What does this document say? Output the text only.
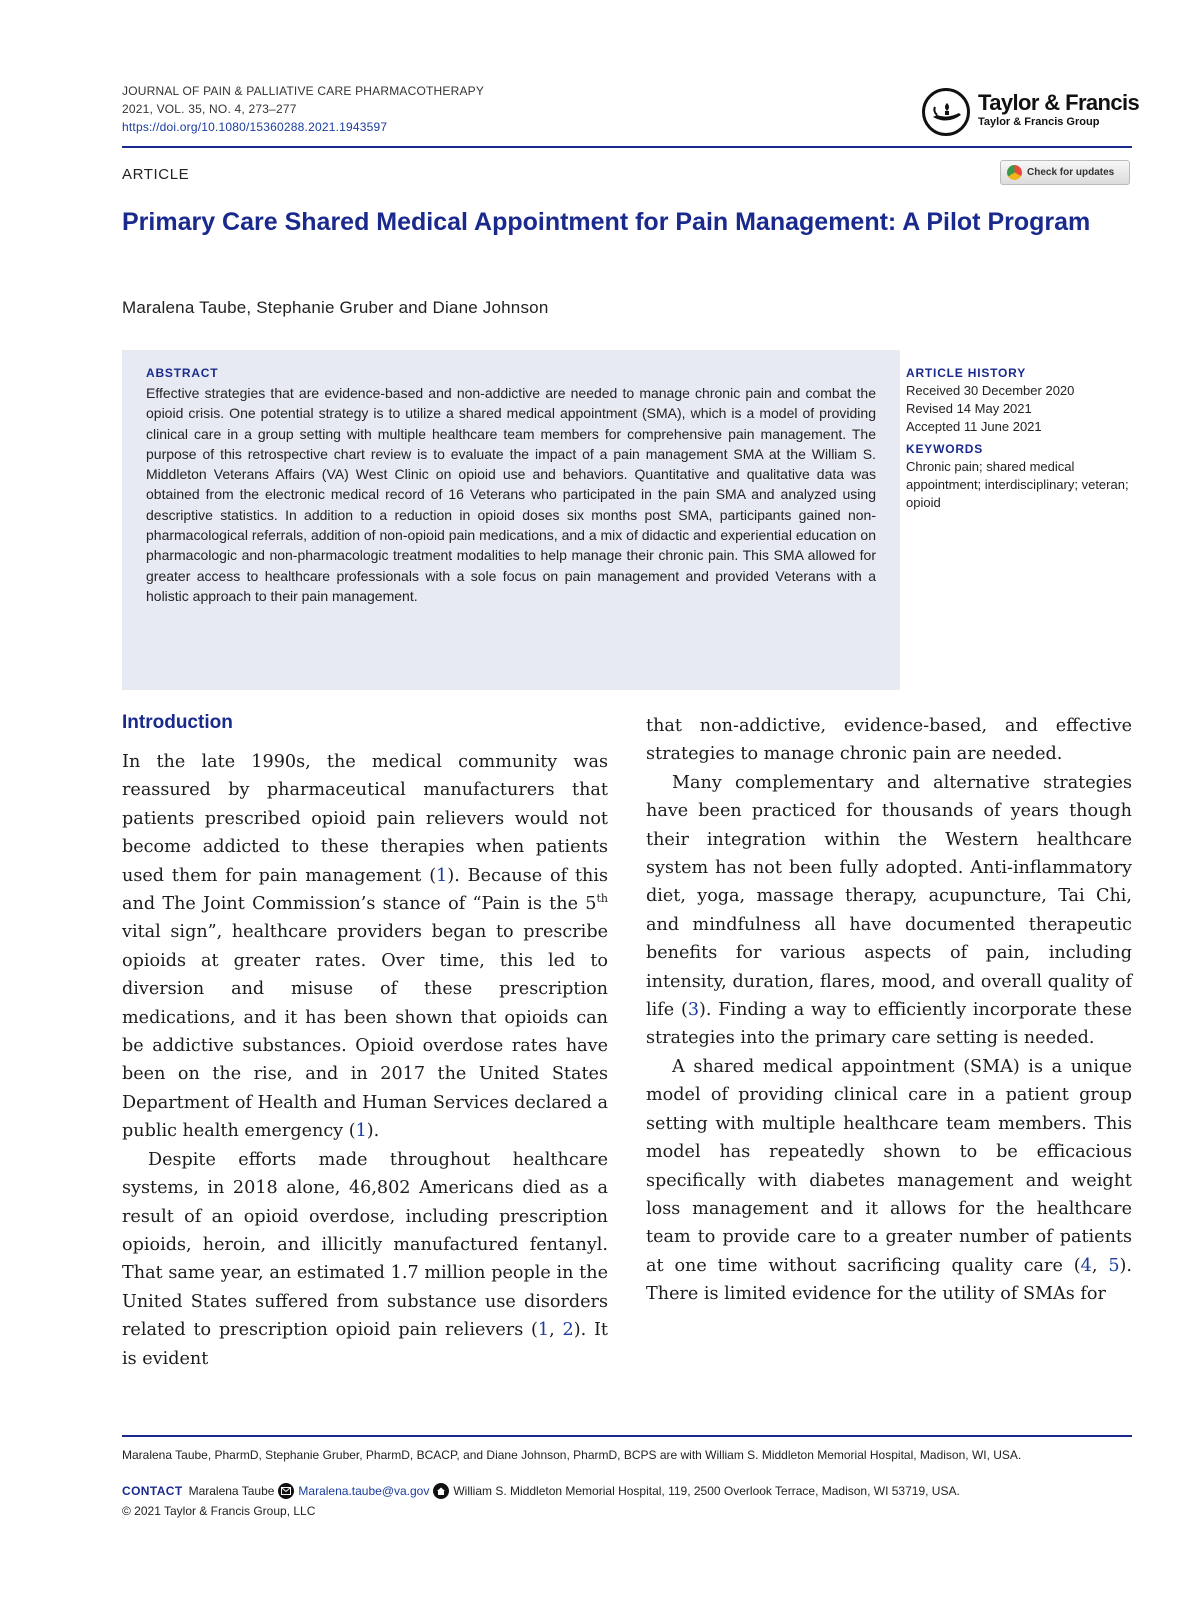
JOURNAL OF PAIN & PALLIATIVE CARE PHARMACOTHERAPY
2021, VOL. 35, NO. 4, 273–277
https://doi.org/10.1080/15360288.2021.1943597
Taylor & Francis
Taylor & Francis Group
ARTICLE	Check for updates
Primary Care Shared Medical Appointment for Pain Management: A Pilot Program
Maralena Taube, Stephanie Gruber and Diane Johnson
ABSTRACT

Effective strategies that are evidence-based and non-addictive are needed to manage chronic pain and combat the opioid crisis. One potential strategy is to utilize a shared medical appointment (SMA), which is a model of providing clinical care in a group setting with multiple healthcare team members for comprehensive pain management. The purpose of this retrospective chart review is to evaluate the impact of a pain management SMA at the William S. Middleton Veterans Affairs (VA) West Clinic on opioid use and behaviors. Quantitative and qualitative data was obtained from the electronic medical record of 16 Veterans who participated in the pain SMA and analyzed using descriptive statistics. In addition to a reduction in opioid doses six months post SMA, participants gained non-pharmacological referrals, addition of non-opioid pain medications, and a mix of didactic and experiential education on pharmacologic and non-pharmacologic treatment modalities to help manage their chronic pain. This SMA allowed for greater access to healthcare professionals with a sole focus on pain management and provided Veterans with a holistic approach to their pain management.

ARTICLE HISTORY
Received 30 December 2020
Revised 14 May 2021
Accepted 11 June 2021
KEYWORDS
Chronic pain; shared medical appointment; interdisciplinary; veteran; opioid
Introduction

In the late 1990s, the medical community was reassured by pharmaceutical manufacturers that patients prescribed opioid pain relievers would not become addicted to these therapies when patients used them for pain management (1). Because of this and The Joint Commission’s stance of “Pain is the 5th vital sign”, healthcare providers began to prescribe opioids at greater rates. Over time, this led to diversion and misuse of these prescription medications, and it has been shown that opioids can be addictive substances. Opioid overdose rates have been on the rise, and in 2017 the United States Department of Health and Human Services declared a public health emergency (1).

Despite efforts made throughout healthcare systems, in 2018 alone, 46,802 Americans died as a result of an opioid overdose, including prescription opioids, heroin, and illicitly manufactured fentanyl. That same year, an estimated 1.7 million people in the United States suffered from substance use disorders related to prescription opioid pain relievers (1, 2). It is evident

that non-addictive, evidence-based, and effective strategies to manage chronic pain are needed.

Many complementary and alternative strategies have been practiced for thousands of years though their integration within the Western healthcare system has not been fully adopted. Anti-inflammatory diet, yoga, massage therapy, acupuncture, Tai Chi, and mindfulness all have documented therapeutic benefits for various aspects of pain, including intensity, duration, flares, mood, and overall quality of life (3). Finding a way to efficiently incorporate these strategies into the primary care setting is needed.

A shared medical appointment (SMA) is a unique model of providing clinical care in a patient group setting with multiple healthcare team members. This model has repeatedly shown to be efficacious specifically with diabetes management and weight loss management and it allows for the healthcare team to provide care to a greater number of patients at one time without sacrificing quality care (4, 5). There is limited evidence for the utility of SMAs for

Maralena Taube, PharmD, Stephanie Gruber, PharmD, BCACP, and Diane Johnson, PharmD, BCPS are with William S. Middleton Memorial Hospital, Madison, WI, USA.
CONTACT Maralena Taube Maralena.taube@va.gov William S. Middleton Memorial Hospital, 119, 2500 Overlook Terrace, Madison, WI 53719, USA.
© 2021 Taylor & Francis Group, LLC
